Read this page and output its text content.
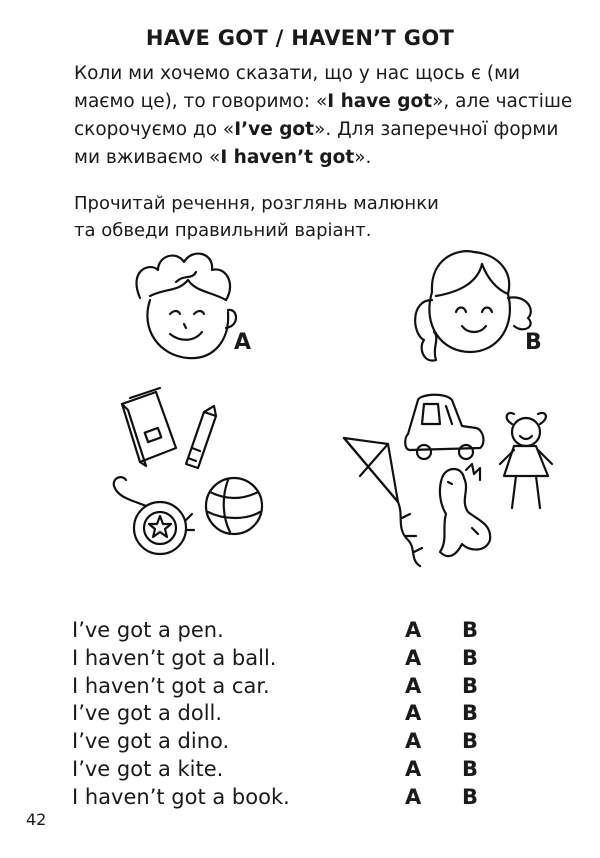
HAVE GOT / HAVEN’T GOT

Коли ми хочемо сказати, що у нас щось є (ми
маємо це), то говоримо: «I have got», але частіше
скорочуємо до «I’ve got». Для заперечної форми
ми вживаємо «I haven’t got».

Прочитай речення, розглянь малюнки
та обведи правильний варіант.

A	B
I’ve got a pen.	A B
I haven’t got a ball.	A B
I haven’t got a car.	A B
I’ve got a doll.	A B
I’ve got a dino.	A B
I’ve got a kite.	A B
I haven’t got a book.	A B
42
